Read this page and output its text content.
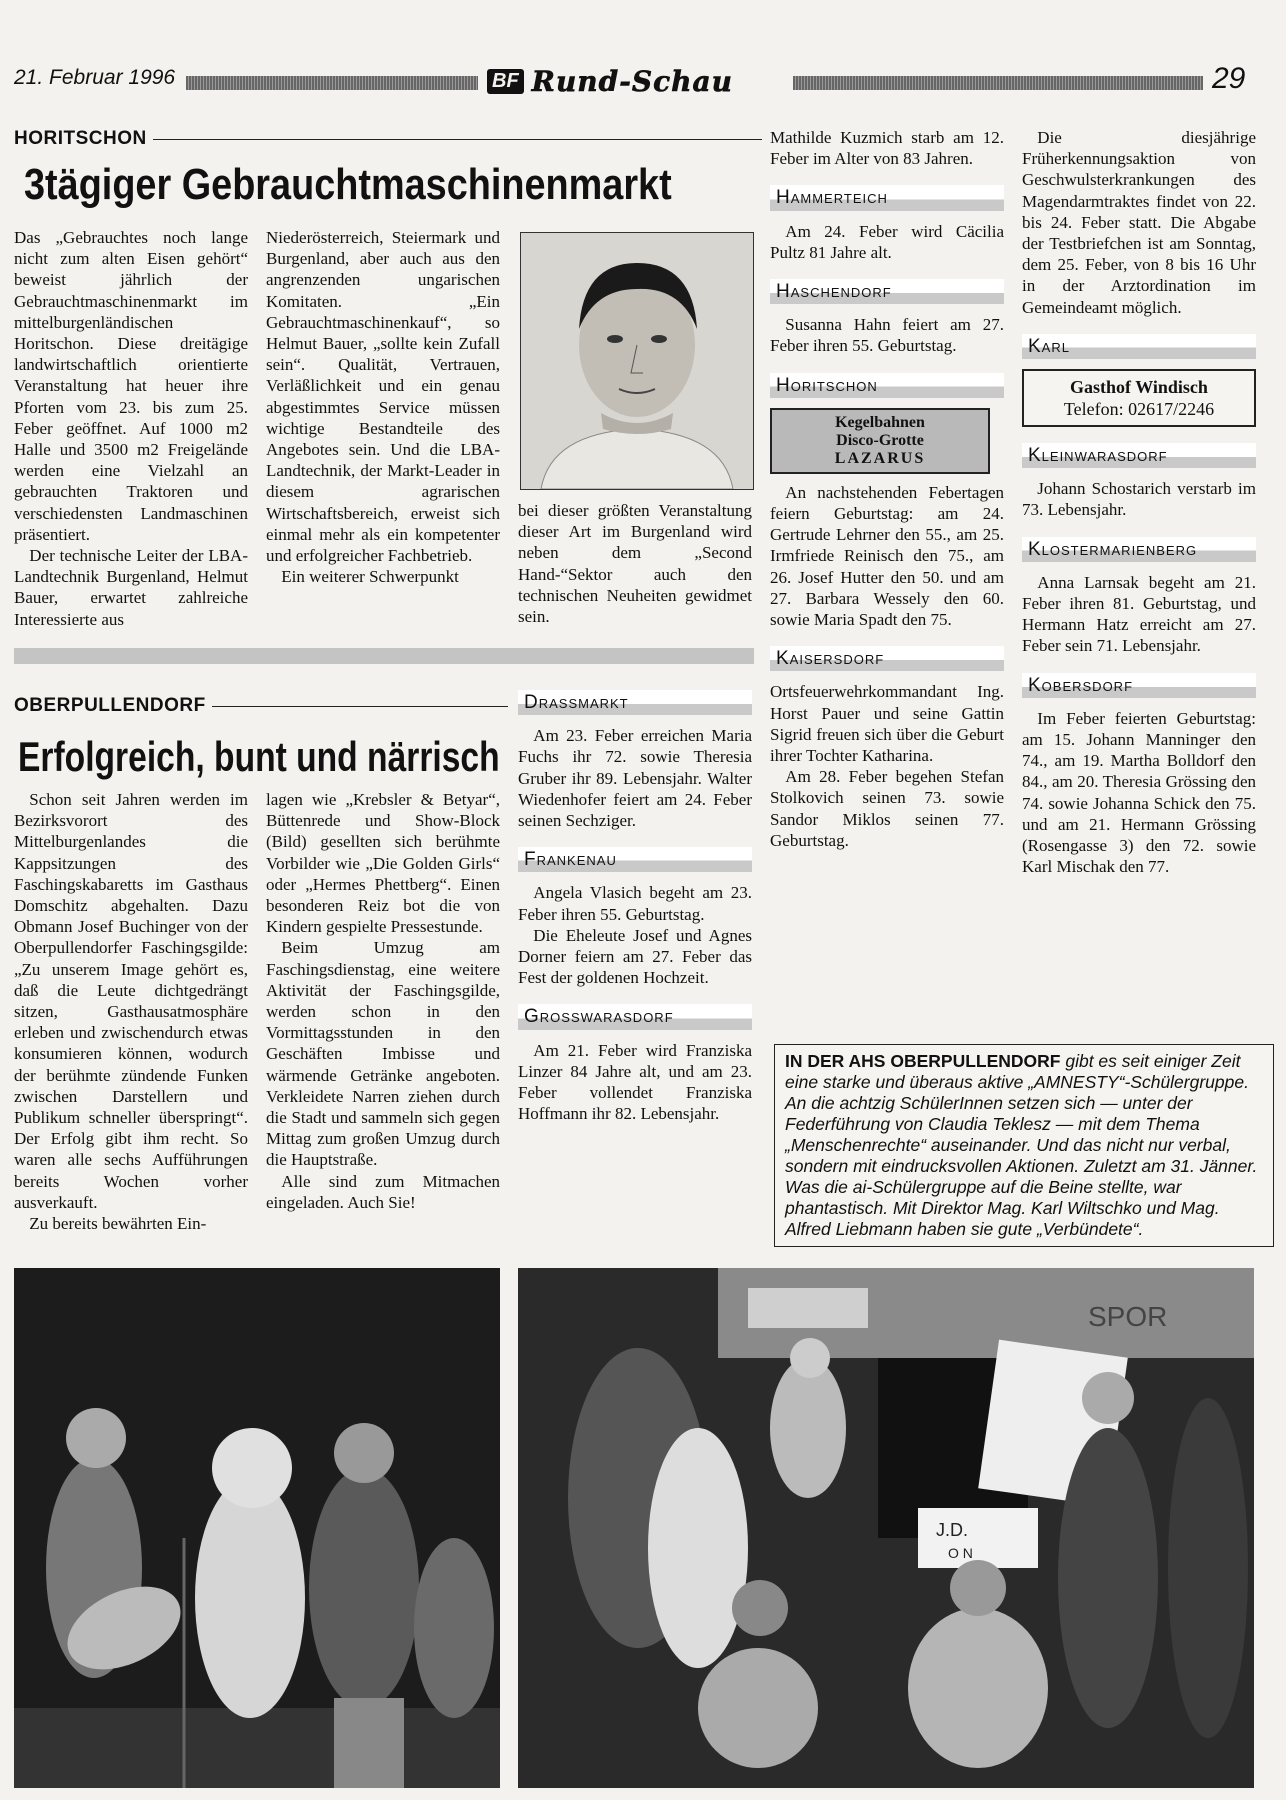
21. Februar 1996	BF Rund-Schau	29
HORITSCHON
3tägiger Gebrauchtmaschinenmarkt

Das „Gebrauchtes noch lange nicht zum alten Eisen gehört“ beweist jährlich der Gebrauchtmaschinenmarkt im mittelburgenländischen Horitschon. Diese dreitägige landwirtschaftlich orientierte Veranstaltung hat heuer ihre Pforten vom 23. bis zum 25. Feber geöffnet. Auf 1000 m2 Halle und 3500 m2 Freigelände werden eine Vielzahl an gebrauchten Traktoren und verschiedensten Landmaschinen präsentiert.

Der technische Leiter der LBA-Landtechnik Burgenland, Helmut Bauer, erwartet zahlreiche Interessierte aus

Niederösterreich, Steiermark und Burgenland, aber auch aus den angrenzenden ungarischen Komitaten. „Ein Gebrauchtmaschinenkauf“, so Helmut Bauer, „sollte kein Zufall sein“. Qualität, Vertrauen, Verläßlichkeit und ein genau abgestimmtes Service müssen wichtige Bestandteile des Angebotes sein. Und die LBA-Landtechnik, der Markt-Leader in diesem agrarischen Wirtschaftsbereich, erweist sich einmal mehr als ein kompetenter und erfolgreicher Fachbetrieb.

Ein weiterer Schwerpunkt

bei dieser größten Veranstaltung dieser Art im Burgenland wird neben dem „Second Hand-“Sektor auch den technischen Neuheiten gewidmet sein.

OBERPULLENDORF
Erfolgreich, bunt und närrisch

Schon seit Jahren werden im Bezirksvorort des Mittelburgenlandes die Kappsitzungen des Faschingskabaretts im Gasthaus Domschitz abgehalten. Dazu Obmann Josef Buchinger von der Oberpullendorfer Faschingsgilde: „Zu unserem Image gehört es, daß die Leute dichtgedrängt sitzen, Gasthausatmosphäre erleben und zwischendurch etwas konsumieren können, wodurch der berühmte zündende Funken zwischen Darstellern und Publikum schneller überspringt“. Der Erfolg gibt ihm recht. So waren alle sechs Aufführungen bereits Wochen vorher ausverkauft.

Zu bereits bewährten Ein-

lagen wie „Krebsler & Betyar“, Büttenrede und Show-Block (Bild) gesellten sich berühmte Vorbilder wie „Die Golden Girls“ oder „Hermes Phettberg“. Einen besonderen Reiz bot die von Kindern gespielte Pressestunde.

Beim Umzug am Faschingsdienstag, eine weitere Aktivität der Faschingsgilde, werden schon in den Vormittagsstunden in den Geschäften Imbisse und wärmende Getränke angeboten. Verkleidete Narren ziehen durch die Stadt und sammeln sich gegen Mittag zum großen Umzug durch die Hauptstraße.

Alle sind zum Mitmachen eingeladen. Auch Sie!

Mathilde Kuzmich starb am 12. Feber im Alter von 83 Jahren.

Hammerteich

Am 24. Feber wird Cäcilia Pultz 81 Jahre alt.

Haschendorf

Susanna Hahn feiert am 27. Feber ihren 55. Geburtstag.

Horitschon
Kegelbahnen
Disco-Grotte
LAZARUS

An nachstehenden Febertagen feiern Geburtstag: am 24. Gertrude Lehrner den 55., am 25. Irmfriede Reinisch den 75., am 26. Josef Hutter den 50. und am 27. Barbara Wessely den 60. sowie Maria Spadt den 75.

Kaisersdorf

Ortsfeuerwehrkommandant Ing. Horst Pauer und seine Gattin Sigrid freuen sich über die Geburt ihrer Tochter Katharina.

Am 28. Feber begehen Stefan Stolkovich seinen 73. sowie Sandor Miklos seinen 77. Geburtstag.

Drassmarkt

Am 23. Feber erreichen Maria Fuchs ihr 72. sowie Theresia Gruber ihr 89. Lebensjahr. Walter Wiedenhofer feiert am 24. Feber seinen Sechziger.

Frankenau

Angela Vlasich begeht am 23. Feber ihren 55. Geburtstag.

Die Eheleute Josef und Agnes Dorner feiern am 27. Feber das Fest der goldenen Hochzeit.

Grosswarasdorf

Am 21. Feber wird Franziska Linzer 84 Jahre alt, und am 23. Feber vollendet Franziska Hoffmann ihr 82. Lebensjahr.

Die diesjährige Früherkennungsaktion von Geschwulsterkrankungen des Magendarmtraktes findet von 22. bis 24. Feber statt. Die Abgabe der Testbriefchen ist am Sonntag, dem 25. Feber, von 8 bis 16 Uhr in der Arztordination im Gemeindeamt möglich.

Karl
Gasthof Windisch
Telefon: 02617/2246
Kleinwarasdorf

Johann Schostarich verstarb im 73. Lebensjahr.

Klostermarienberg

Anna Larnsak begeht am 21. Feber ihren 81. Geburtstag, und Hermann Hatz erreicht am 27. Feber sein 71. Lebensjahr.

Kobersdorf

Im Feber feierten Geburtstag: am 15. Johann Manninger den 74., am 19. Martha Bolldorf den 84., am 20. Theresia Grössing den 74. sowie Johanna Schick den 75. und am 21. Hermann Grössing (Rosengasse 3) den 72. sowie Karl Mischak den 77.

IN DER AHS OBERPULLENDORF gibt es seit einiger Zeit eine starke und überaus aktive „AMNESTY“-Schülergruppe. An die achtzig SchülerInnen setzen sich — unter der Federführung von Claudia Teklesz — mit dem Thema „Menschenrechte“ auseinander. Und das nicht nur verbal, sondern mit eindrucksvollen Aktionen. Zuletzt am 31. Jänner. Was die ai-Schülergruppe auf die Beine stellte, war phantastisch. Mit Direktor Mag. Karl Wiltschko und Mag. Alfred Liebmann haben sie gute „Verbündete“.
SPOR
J.D.
O N
